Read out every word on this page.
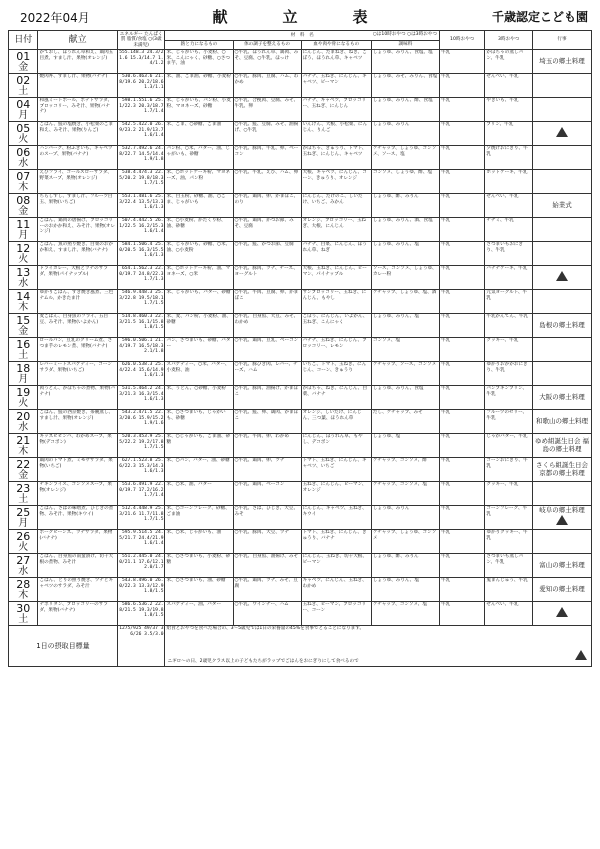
2022年04月	献　立　表	千歳認定こども園
日付	献立	エネルギー たんぱく質 脂質/食塩 ○(3歳未満児)	材　料　名 ○は10時おやつ ○は3時おやつ				10時おやつ	3時おやつ	行事
			熱と力になるもの	体の調子を整えるもの	血や肉や骨になるもの	調味料			

01
金	かておし、ほうれん草和え、鶏肉五目煮、すまし汁、果物(オレンジ)	555.148.3 24.3/21.6 15.3/14.7 1.4/1.2	米、じゃがいも、小麦粉、○米、こんにゃく、砂糖、○さつま芋、油	○牛乳、ほうれん草、鶏肉、みそ、豆腐、○牛乳、ほっけ	にんじん、たまねぎ、ねぎ、ごぼう、ほうれん草、キャベツ	しょうゆ、みりん、食塩、塩	牛乳	かぼちゃの蒸しパン、牛乳	埼玉の郷土料理

02
土	焼肉丼、すまし汁、果物(バナナ)	530.6.463.6 21.8/19.6 20.2/18.6 1.3/1.1	米、油、ごま油、砂糖、小麦粉	○牛乳、豚肉、豆腐、ハム、わかめ	バナナ、玉ねぎ、にんじん、キャベツ、ピーマン	しょうゆ、みそ、みりん、食塩	牛乳	せんべい、牛乳	

04
月	和風ミートボール、ポテトサラダ、ブロッコリー、みそ汁、果物(バナナ)	598.1.551.6 25.1/22.3 20.3/18.7 1.7/1.4	米、じゃがいも、パン粉、小麦粉、マヨネーズ、砂糖	○牛乳、合挽肉、豆腐、みそ、牛乳、卵	バナナ、キャベツ、ブロッコリー、玉ねぎ、にんじん	しょうゆ、みりん、酢、食塩	牛乳	やきいも、牛乳	

05
火	ごはん、鮭の塩焼き、小松菜のごま和え、みそ汁、果物(りんご)	542.5.422.0 26.9/23.2 21.9/13.7 1.6/1.4	米、ごま、○砂糖、ごま油	○牛乳、鮭、豆腐、みそ、油揚げ、○牛乳	いんげん、大根、小松菜、にんじん、りんご	しょうゆ、みりん	牛乳	プリン、牛乳	

06
水	ハンバーグ、粉ふきいも、キャベツのスープ、果物(バナナ)	532.7.492.6 24.8/22.7 14.5/14.4 1.9/1.8	パン粉、○米、バター、油、じゃがいも、砂糖	○牛乳、豚肉、牛乳、卵、ベーコン	かぼちゃ、きゅうり、トマト、玉ねぎ、にんじん、キャベツ	ケチャップ、しょうゆ、コンソメ、ソース、塩	牛乳	夕焼けおにぎり、牛乳	

07
木	えびフライ、コールスローサラダ、野菜スープ、果物(オレンジ)	538.4.474.3 22.5/20.2 19.8/18.3 1.7/1.5	米、○ホットケーキ粉、マヨネーズ、油、パン粉	○牛乳、牛乳、えび、ハム、卵	大根、キャベツ、にんじん、コーン、きゅうり、オレンジ	コンソメ、しょうゆ、酢、塩	牛乳	ホットケーキ、牛乳	

08
金	ちらしずし、すまし汁、フルーツ白玉、果物(いちご)	553.1.481.6 25.3/22.4 13.5/13.3 1.6/1.3	米、白玉粉、砂糖、油、○ごま、じゃがいも	○牛乳、鶏肉、卵、かまぼこ、のり	にんじん、たけのこ、しいたけ、いちご、みかん	しょうゆ、酢、みりん	牛乳	せんべい、牛乳	始業式

11
月	ごはん、鶏肉の唐揚げ、ブロッコリーのおかか和え、みそ汁、果物(オレンジ)	507.4.442.5 26.1/22.5 16.2/15.3 1.6/1.4	米、○小麦粉、かたくり粉、油、砂糖	○牛乳、鶏肉、かつお節、みそ、豆腐	オレンジ、ブロッコリー、玉ねぎ、大根、にんじん	しょうゆ、みりん、酒、食塩	牛乳	チヂミ、牛乳	

12
火	ごはん、魚の照り焼き、白菜のおかか和え、すまし汁、果物(バナナ)	584.1.506.4 25.0/20.5 16.3/15.5 1.6/1.3	米、じゃがいも、砂糖、○米、油、○小麦粉	○牛乳、鮭、かつお節、豆腐	バナナ、白菜、にんじん、ほうれん草、ねぎ	しょうゆ、みりん、塩	牛乳	さつまいもおにぎり、牛乳	

13
水	ドライカレー、大根とツナのサラダ、果物(パイナップル)	654.1.562.3 22.0/19.7 24.8/22.3 1.7/1.3	米、○ホットケーキ粉、油、マヨネーズ、○米	○牛乳、豚肉、ツナ、チーズ、ヨーグルト	大根、玉ねぎ、にんじん、ピーマン、パイナップル	ソース、コンソメ、しょうゆ、カレー粉	牛乳	バナナケーキ、牛乳	

14
木	ゆかりごはん、すき焼き風煮、三色ナムル、かきたま汁	546.9.448.3 25.3/22.8 19.5/18.1 1.7/1.5	米、じゃがいも、バター、砂糖	○牛乳、牛肉、豆腐、卵、かまぼこ	サンブロッコリー、玉ねぎ、にんじん、もやし	ケチャップ、しょうゆ、塩、酒	牛乳	元気ヨーグルト、牛乳	

15
金	麦ごはん、白身魚のフライ、五目豆、みそ汁、果物(いよかん)	514.8.460.3 22.3/21.5 16.1/15.8 1.8/1.5	米、麦、パン粉、小麦粉、油、砂糖	○牛乳、白身魚、大豆、みそ、わかめ	ごぼう、にんじん、いよかん、玉ねぎ、こんにゃく	しょうゆ、みりん、塩	牛乳	牛乳かんてん、牛乳	島根の郷土料理

16
土	ロールパン、豆乳のクリーム煮、さつま芋のレモン煮、果物(バナナ)	596.0.506.1 21.4/19.7 16.5/18.3 2.1/1.8	パン、さつまいも、砂糖、バター	○牛乳、鶏肉、豆乳、ベーコン	バナナ、玉ねぎ、にんじん、ブロッコリー、レモン	コンソメ、塩	牛乳	クッキー、牛乳	

18
月	レバーミートスパゲティー、コーンサラダ、果物(いちご)	626.0.538.3 25.4/22.4 15.6/14.9 1.6/1.3	スパゲティー、○米、バター、小麦粉、油	○牛乳、豚ひき肉、レバー、チーズ、ハム	いちご、トマト、玉ねぎ、にんじん、コーン、きゅうり	ケチャップ、ソース、コンソメ	牛乳	ゆかりおかかおにぎり、牛乳	

19
火	肉うどん、かぼちゃの煮物、果物(バナナ)	531.5.464.2 24.3/21.3 16.3/15.4 1.6/1.3	米、うどん、○砂糖、小麦粉	○牛乳、豚肉、油揚げ、かまぼこ	かぼちゃ、ねぎ、にんじん、白菜、バナナ	しょうゆ、みりん、食塩	牛乳	パンプキンプリン、牛乳	大阪の郷土料理

20
水	ごはん、鮭の西京焼き、茶碗蒸し、すまし汁、果物(オレンジ)	543.2.471.5 22.3/20.6 15.9/15.2 1.9/1.6	米、○さつまいも、じゃがいも、砂糖	○牛乳、鮭、卵、鶏肉、かまぼこ	オレンジ、しいたけ、にんじん、三つ葉、ほうれん草	だし、ケチャップ、みそ	牛乳	フルーツのゼリー、牛乳	和歌山の郷土料理

21
木	キッズビビンバ、わかめスープ、果物(デコポン)	520.3.453.9 25.5/22.2 19.2/17.8 1.7/1.5	米、○じゃがいも、ごま油、砂糖	○牛乳、牛肉、卵、わかめ	にんじん、ほうれん草、もやし、デコポン	しょうゆ、塩	牛乳	じゃがバター、牛乳	ゆめ組誕生日会 福島の郷土料理

22
金	鶏肉のトマト煮、ミモザサラダ、果物(いちご)	627.1.523.8 25.6/22.3 15.3/14.3 1.6/1.3	米、○パン、バター、油、砂糖	○牛乳、鶏肉、卵、ツナ	トマト、玉ねぎ、にんじん、キャベツ、いちご	ケチャップ、コンソメ、酢	牛乳	コーンおにぎり、牛乳	さくら組誕生日会 京都の郷土料理

23
土	チキンライス、コンソメスープ、果物(オレンジ)	553.6.491.9 22.0/19.7 17.2/16.2 1.7/1.4	米、○米、油、バター	○牛乳、鶏肉、ベーコン	玉ねぎ、にんじん、ピーマン、オレンジ	ケチャップ、コンソメ、塩	牛乳	クッキー、牛乳	

25
月	ごはん、さばの味噌煮、ひじきの煮物、みそ汁、果物(キウイ)	512.4.448.9 25.3/21.6 11.7/11.8 1.7/1.5	米、○コーンフレーク、砂糖、ごま油	○牛乳、さば、ひじき、大豆、みそ	にんじん、キャベツ、玉ねぎ、キウイ	しょうゆ、みりん	牛乳	コーンフレーク、牛乳	岐阜の郷土料理

26
火	ポークビーンズ、ツナサラダ、果物(バナナ)	595.9.514.5 24.5/21.7 24.4/21.9 1.6/1.4	米、○米、じゃがいも、油	○牛乳、豚肉、大豆、ツナ	トマト、玉ねぎ、にんじん、きゅうり、バナナ	ケチャップ、しょうゆ、コンソメ	牛乳	ゆかりクッキー、牛乳	

27
水	ごはん、白身魚の南蛮漬け、切干大根の煮物、みそ汁	551.2.445.0 24.0/21.1 17.6/12.1 2.0/1.7	米、○さつまいも、小麦粉、砂糖	○牛乳、白身魚、油揚げ、みそ	にんじん、玉ねぎ、切干大根、ピーマン	しょうゆ、酢、みりん	牛乳	さつまいも蒸しパン、牛乳	富山の郷土料理

28
木	ごはん、とりの照り焼き、ツナとキャベツのサラダ、みそ汁	543.8.496.0 26.0/22.3 13.3/12.9 1.8/1.5	米、○さつまいも、油、砂糖	○牛乳、鶏肉、ツナ、みそ、豆腐	キャベツ、にんじん、玉ねぎ、わかめ	しょうゆ、みりん、塩	牛乳	鬼まんじゅう、牛乳	愛知の郷土料理

30
土	ナポリタン、ブロッコリーのサラダ、果物(バナナ)	586.6.536.2 22.8/21.5 19.3/19.8 1.8/1.5	スパゲティー、油、バター	○牛乳、ウインナー、ハム	玉ねぎ、ピーマン、ブロッコリー、コーン	ケチャップ、コンソメ、塩	牛乳	せんべい、牛乳	
1日の摂取目標量		1275/925 49/37 36/26 3.5/3.0	給食とおやつを食べた場合の、3〜5歳児では1日の栄養量の45%を食事でとることになります。
ニギロ〜の日、2歳児クラス以上の子どもたちがラップでごはんをおにぎりにして食べるので						
